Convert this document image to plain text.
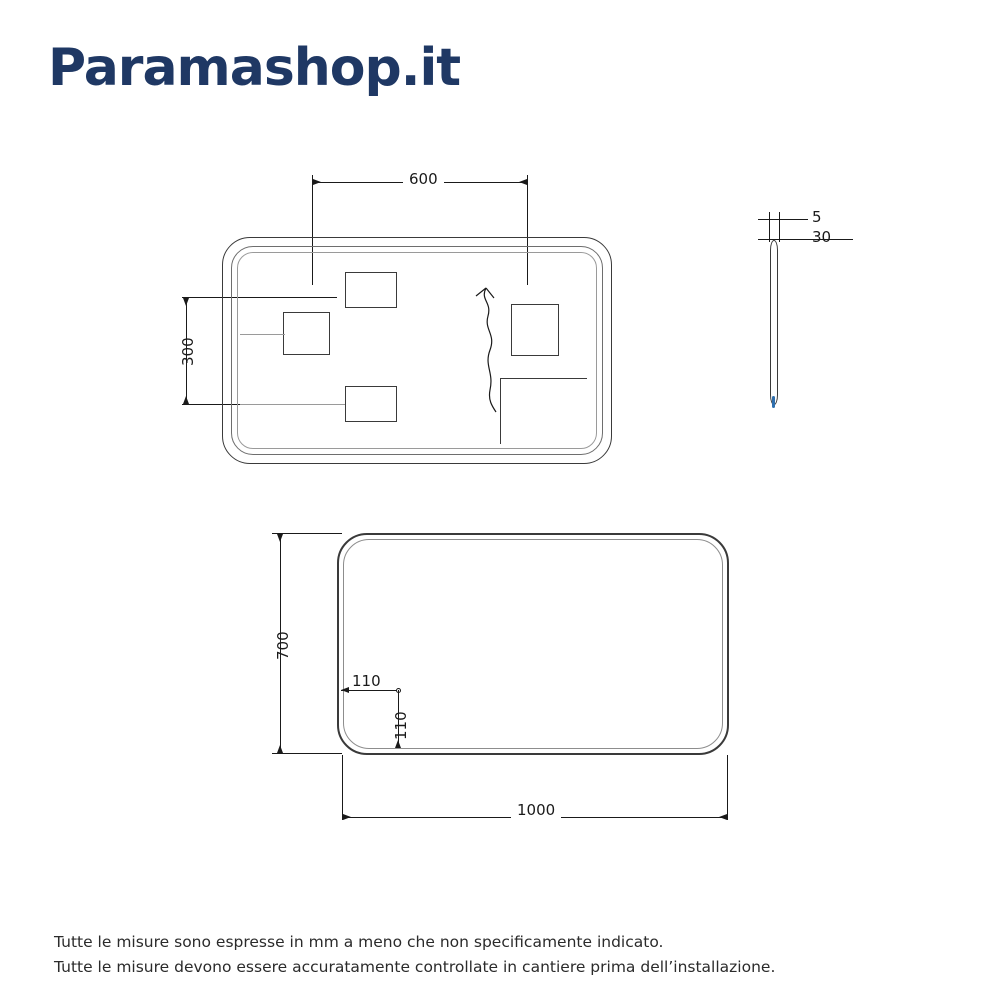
Paramashop.it
600
300
5
30
700
110
110
1000
Tutte le misure sono espresse in mm a meno che non specificamente indicato.
Tutte le misure devono essere accuratamente controllate in cantiere prima dell’installazione.
